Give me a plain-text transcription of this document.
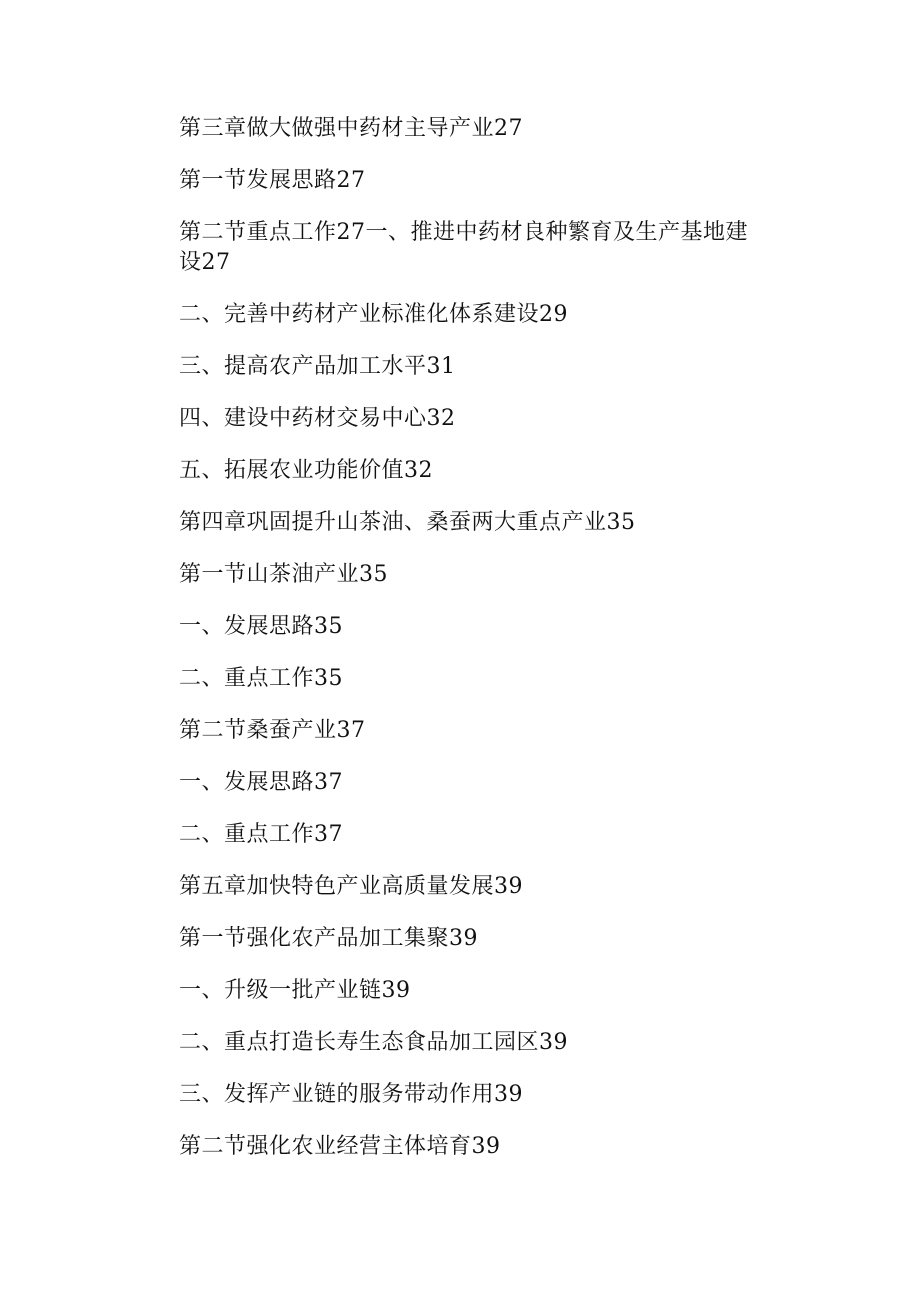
第三章做大做强中药材主导产业27

第一节发展思路27

第二节重点工作27一、推进中药材良种繁育及生产基地建设27

二、完善中药材产业标准化体系建设29

三、提高农产品加工水平31

四、建设中药材交易中心32

五、拓展农业功能价值32

第四章巩固提升山茶油、桑蚕两大重点产业35

第一节山茶油产业35

一、发展思路35

二、重点工作35

第二节桑蚕产业37

一、发展思路37

二、重点工作37

第五章加快特色产业高质量发展39

第一节强化农产品加工集聚39

一、升级一批产业链39

二、重点打造长寿生态食品加工园区39

三、发挥产业链的服务带动作用39

第二节强化农业经营主体培育39
